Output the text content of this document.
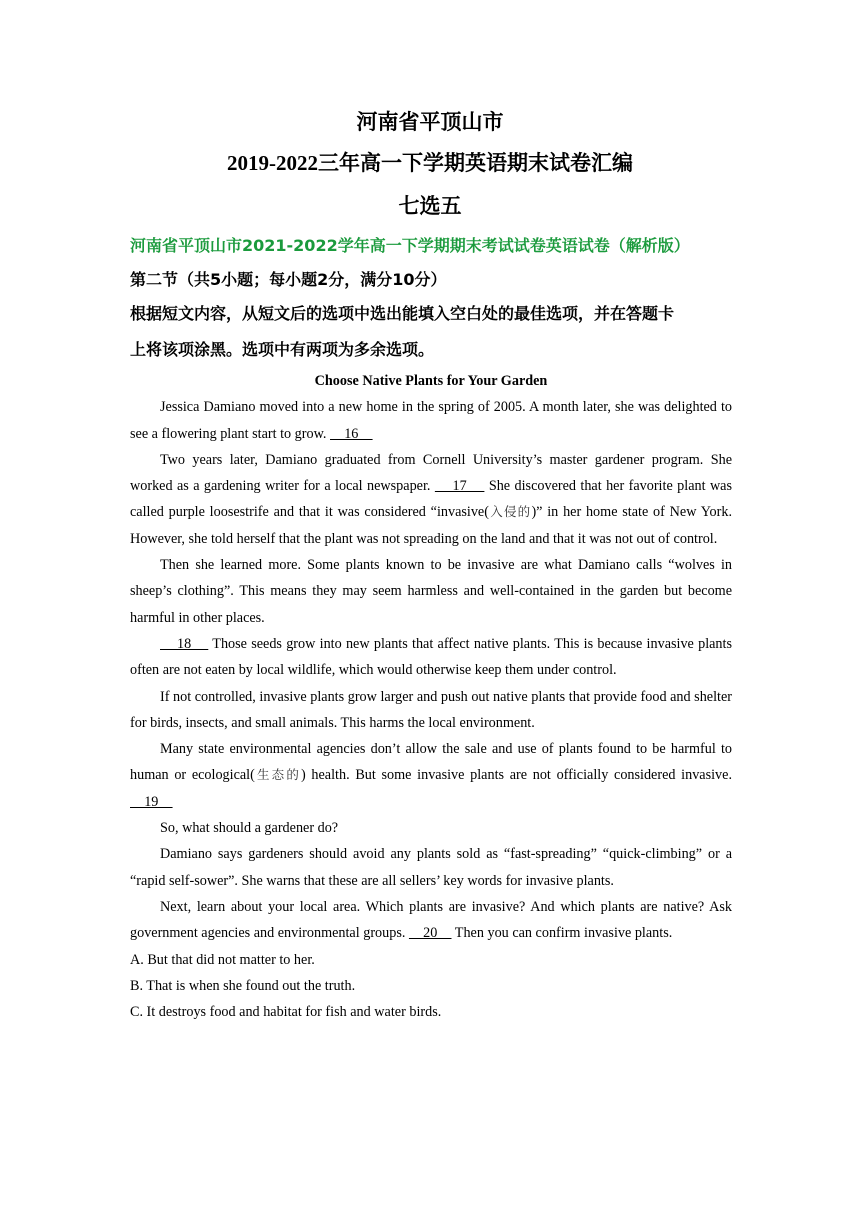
河南省平顶山市
2019-2022三年高一下学期英语期末试卷汇编
七选五
河南省平顶山市2021-2022学年高一下学期期末考试试卷英语试卷（解析版）
第二节（共5小题；每小题2分，满分10分）
根据短文内容，从短文后的选项中选出能填入空白处的最佳选项，并在答题卡
上将该项涂黑。选项中有两项为多余选项。

Choose Native Plants for Your Garden

Jessica Damiano moved into a new home in the spring of 2005. A month later, she was delighted to see a flowering plant start to grow.     16

Two years later, Damiano graduated from Cornell University’s master gardener program. She worked as a gardening writer for a local newspaper.     17     She discovered that her favorite plant was called purple loosestrife and that it was considered “invasive(入侵的)” in her home state of New York. However, she told herself that the plant was not spreading on the land and that it was not out of control.

Then she learned more. Some plants known to be invasive are what Damiano calls “wolves in sheep’s clothing”. This means they may seem harmless and well-contained in the garden but become harmful in other places.

18     Those seeds grow into new plants that affect native plants. This is because invasive plants often are not eaten by local wildlife, which would otherwise keep them under control.

If not controlled, invasive plants grow larger and push out native plants that provide food and shelter for birds, insects, and small animals. This harms the local environment.

Many state environmental agencies don’t allow the sale and use of plants found to be harmful to human or ecological(生态的) health. But some invasive plants are not officially considered invasive.     19

So, what should a gardener do?

Damiano says gardeners should avoid any plants sold as “fast-spreading” “quick-climbing” or a “rapid self-sower”. She warns that these are all sellers’ key words for invasive plants.

Next, learn about your local area. Which plants are invasive? And which plants are native? Ask government agencies and environmental groups.     20     Then you can confirm invasive plants.

A. But that did not matter to her.

B. That is when she found out the truth.

C. It destroys food and habitat for fish and water birds.
